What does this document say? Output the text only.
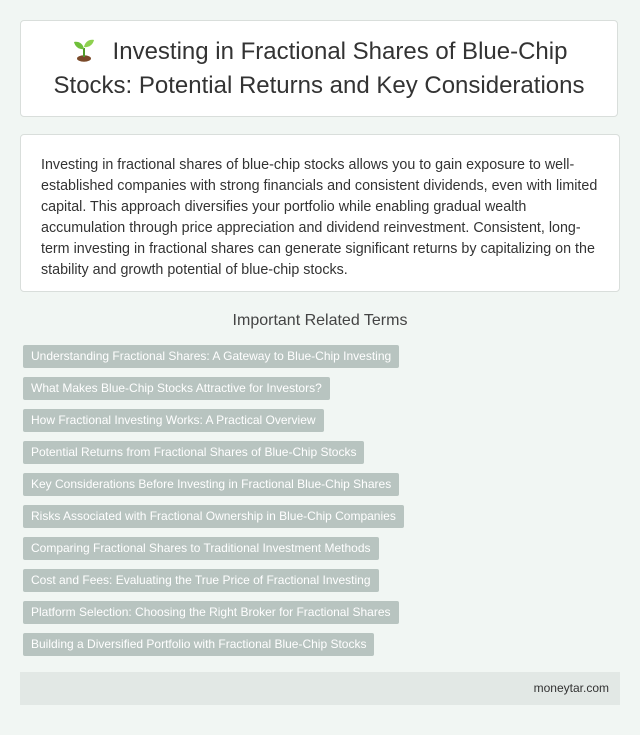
Investing in Fractional Shares of Blue-Chip Stocks: Potential Returns and Key Considerations

Investing in fractional shares of blue-chip stocks allows you to gain exposure to well-established companies with strong financials and consistent dividends, even with limited capital. This approach diversifies your portfolio while enabling gradual wealth accumulation through price appreciation and dividend reinvestment. Consistent, long-term investing in fractional shares can generate significant returns by capitalizing on the stability and growth potential of blue-chip stocks.

Important Related Terms
Understanding Fractional Shares: A Gateway to Blue-Chip Investing
What Makes Blue-Chip Stocks Attractive for Investors?
How Fractional Investing Works: A Practical Overview
Potential Returns from Fractional Shares of Blue-Chip Stocks
Key Considerations Before Investing in Fractional Blue-Chip Shares
Risks Associated with Fractional Ownership in Blue-Chip Companies
Comparing Fractional Shares to Traditional Investment Methods
Cost and Fees: Evaluating the True Price of Fractional Investing
Platform Selection: Choosing the Right Broker for Fractional Shares
Building a Diversified Portfolio with Fractional Blue-Chip Stocks
moneytar.com
